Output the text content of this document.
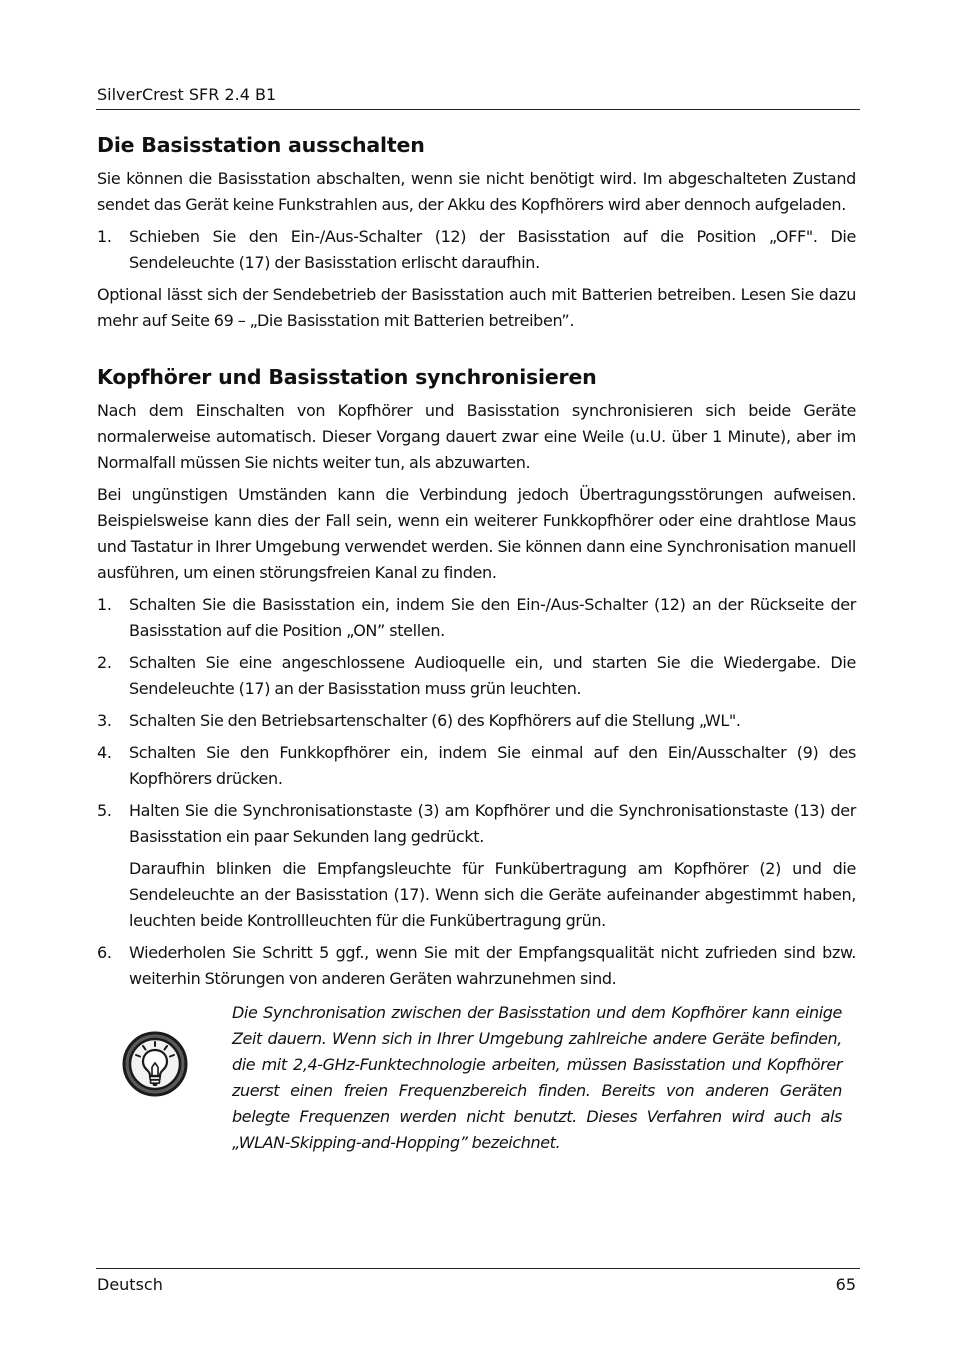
SilverCrest SFR 2.4 B1
Die Basisstation ausschalten

Sie können die Basisstation abschalten, wenn sie nicht benötigt wird. Im abgeschalteten Zustand sendet das Gerät keine Funkstrahlen aus, der Akku des Kopfhörers wird aber dennoch aufgeladen.

1.	Schieben Sie den Ein-/Aus-Schalter (12) der Basisstation auf die Position „OFF". Die Sendeleuchte (17) der Basisstation erlischt daraufhin.

Optional lässt sich der Sendebetrieb der Basisstation auch mit Batterien betreiben. Lesen Sie dazu mehr auf Seite 69 – „Die Basisstation mit Batterien betreiben”.

Kopfhörer und Basisstation synchronisieren

Nach dem Einschalten von Kopfhörer und Basisstation synchronisieren sich beide Geräte normalerweise automatisch. Dieser Vorgang dauert zwar eine Weile (u.U. über 1 Minute), aber im Normalfall müssen Sie nichts weiter tun, als abzuwarten.

Bei ungünstigen Umständen kann die Verbindung jedoch Übertragungsstörungen aufweisen. Beispielsweise kann dies der Fall sein, wenn ein weiterer Funkkopfhörer oder eine drahtlose Maus und Tastatur in Ihrer Umgebung verwendet werden. Sie können dann eine Synchronisation manuell ausführen, um einen störungsfreien Kanal zu finden.

1.	Schalten Sie die Basisstation ein, indem Sie den Ein-/Aus-Schalter (12) an der Rückseite der Basisstation auf die Position „ON” stellen.
2.	Schalten Sie eine angeschlossene Audioquelle ein, und starten Sie die Wiedergabe. Die Sendeleuchte (17) an der Basisstation muss grün leuchten.
3.	Schalten Sie den Betriebsartenschalter (6) des Kopfhörers auf die Stellung „WL".
4.	Schalten Sie den Funkkopfhörer ein, indem Sie einmal auf den Ein/Ausschalter (9) des Kopfhörers drücken.
5.	Halten Sie die Synchronisationstaste (3) am Kopfhörer und die Synchronisationstaste (13) der Basisstation ein paar Sekunden lang gedrückt.

Daraufhin blinken die Empfangsleuchte für Funkübertragung am Kopfhörer (2) und die Sendeleuchte an der Basisstation (17). Wenn sich die Geräte aufeinander abgestimmt haben, leuchten beide Kontrollleuchten für die Funkübertragung grün.

6.	Wiederholen Sie Schritt 5 ggf., wenn Sie mit der Empfangsqualität nicht zufrieden sind bzw. weiterhin Störungen von anderen Geräten wahrzunehmen sind.

Die Synchronisation zwischen der Basisstation und dem Kopfhörer kann einige Zeit dauern. Wenn sich in Ihrer Umgebung zahlreiche andere Geräte befinden, die mit 2,4-GHz-Funktechnologie arbeiten, müssen Basisstation und Kopfhörer zuerst einen freien Frequenzbereich finden. Bereits von anderen Geräten belegte Frequenzen werden nicht benutzt. Dieses Verfahren wird auch als „WLAN-Skipping-and-Hopping” bezeichnet.

Deutsch	65
